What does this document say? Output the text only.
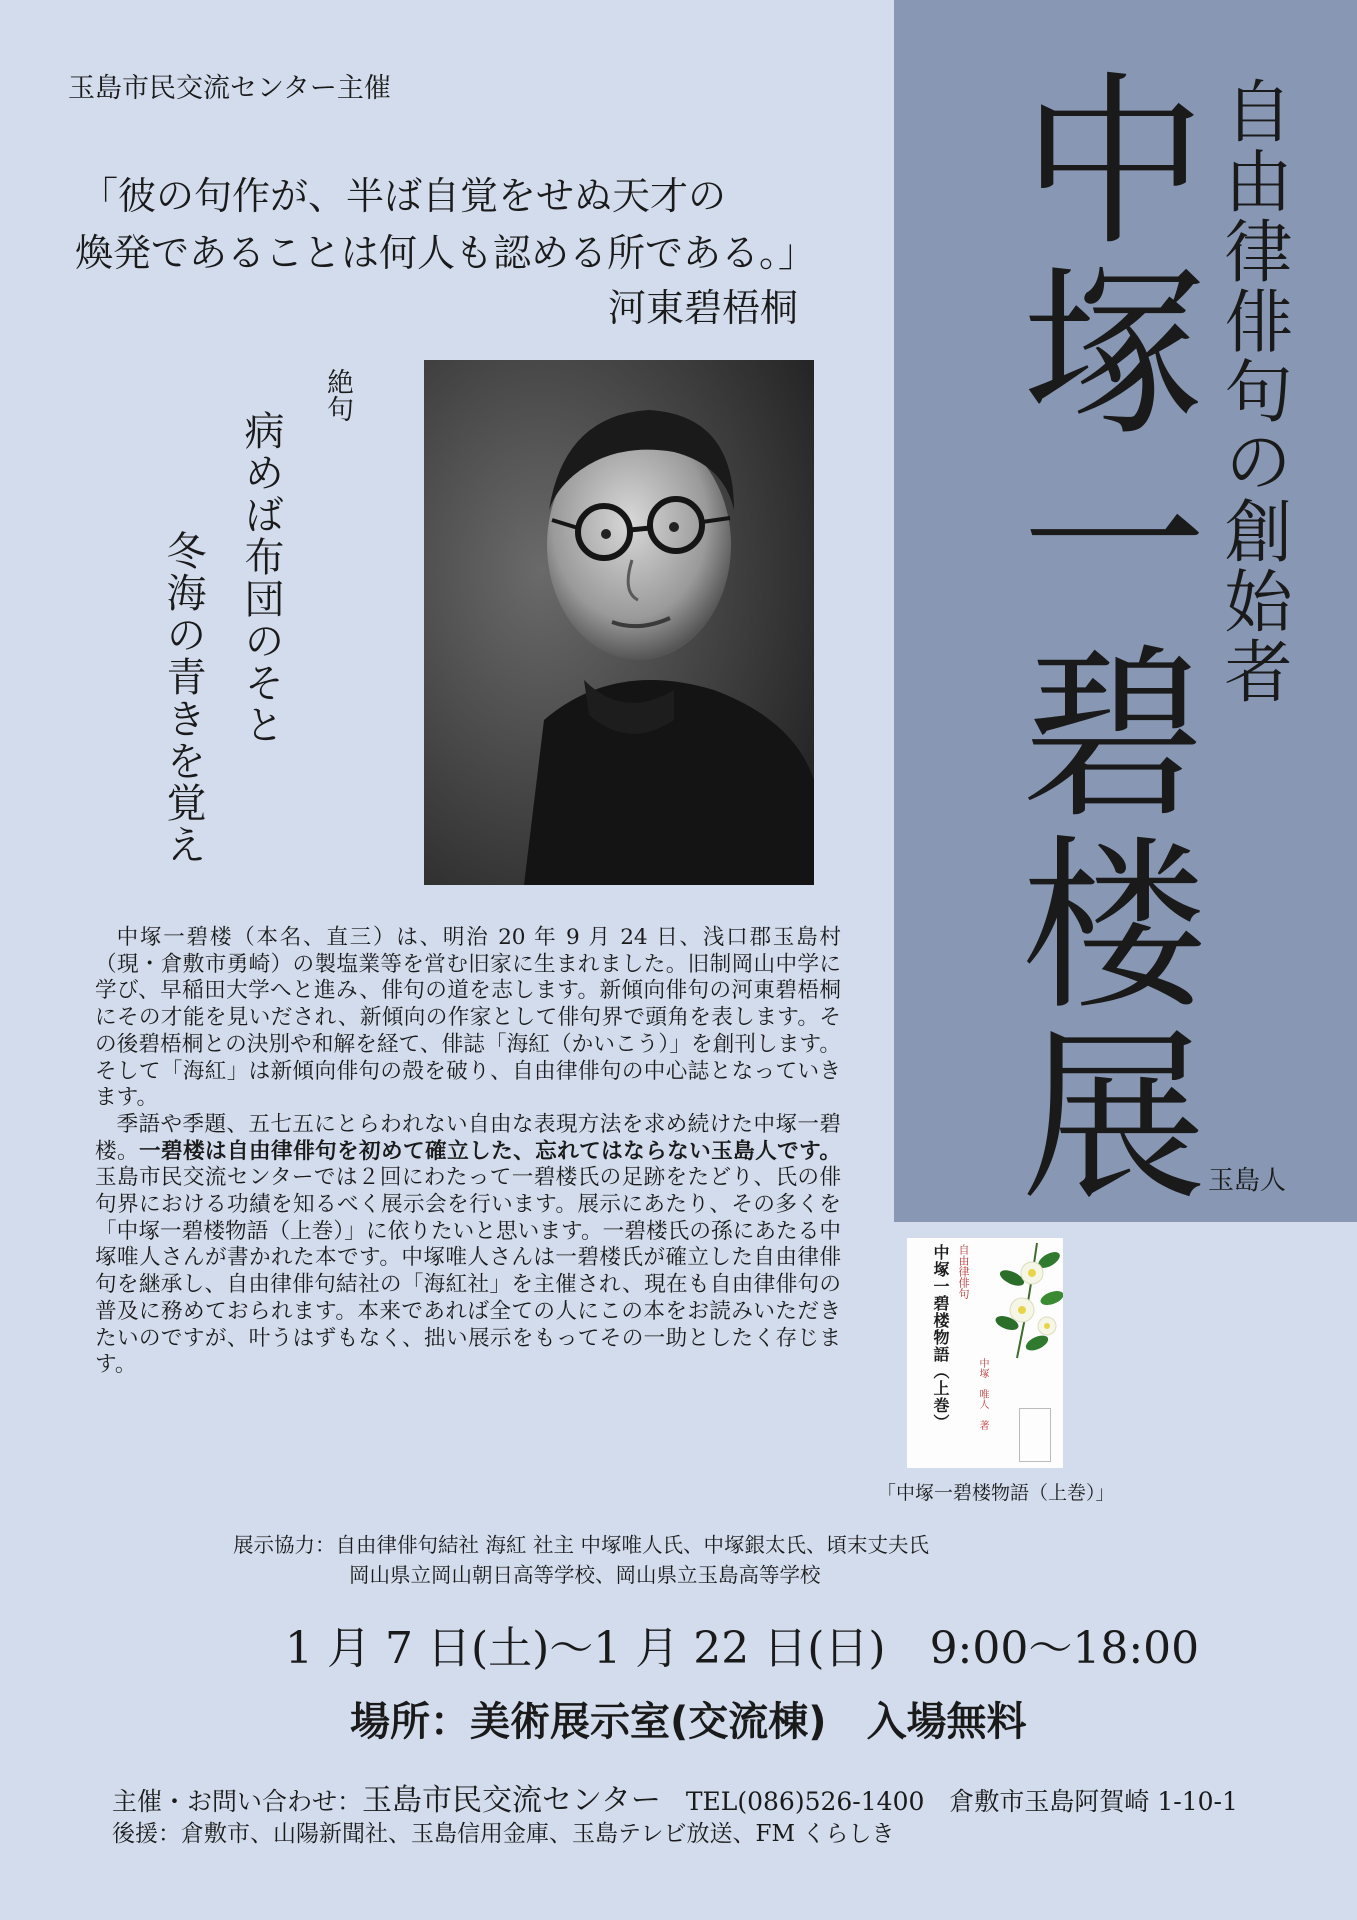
自由律俳句の創始者
中塚一碧楼展 玉島人
玉島市民交流センター主催
「彼の句作が、半ば自覚をせぬ天才の
煥発であることは何人も認める所である。」
河東碧梧桐
絶句
病めば布団のそと
冬海の青きを覚え

中塚一碧楼（本名、直三）は、明治 20 年 9 月 24 日、浅口郡玉島村（現・倉敷市勇崎）の製塩業等を営む旧家に生まれました。旧制岡山中学に学び、早稲田大学へと進み、俳句の道を志します。新傾向俳句の河東碧梧桐にその才能を見いだされ、新傾向の作家として俳句界で頭角を表します。その後碧梧桐との決別や和解を経て、俳誌「海紅（かいこう）」を創刊します。そして「海紅」は新傾向俳句の殻を破り、自由律俳句の中心誌となっていきます。

季語や季題、五七五にとらわれない自由な表現方法を求め続けた中塚一碧楼。一碧楼は自由律俳句を初めて確立した、忘れてはならない玉島人です。玉島市民交流センターでは２回にわたって一碧楼氏の足跡をたどり、氏の俳句界における功績を知るべく展示会を行います。展示にあたり、その多くを「中塚一碧楼物語（上巻）」に依りたいと思います。一碧楼氏の孫にあたる中塚唯人さんが書かれた本です。中塚唯人さんは一碧楼氏が確立した自由律俳句を継承し、自由律俳句結社の「海紅社」を主催され、現在も自由律俳句の普及に務めておられます。本来であれば全ての人にこの本をお読みいただきたいのですが、叶うはずもなく、拙い展示をもってその一助としたく存じます。

自由律俳句
中塚一碧楼物語（上巻）	中塚 唯人 著
「中塚一碧楼物語（上巻）」
展示協力：自由律俳句結社 海紅 社主 中塚唯人氏、中塚銀太氏、頃末丈夫氏
岡山県立岡山朝日高等学校、岡山県立玉島高等学校
1 月 7 日(土)～1 月 22 日(日)　 9:00～18:00
場所：美術展示室(交流棟)　 入場無料
主催・お問い合わせ：玉島市民交流センター　 TEL(086)526-1400　 倉敷市玉島阿賀崎 1-10-1
後援：倉敷市、山陽新聞社、玉島信用金庫、玉島テレビ放送、FM くらしき
